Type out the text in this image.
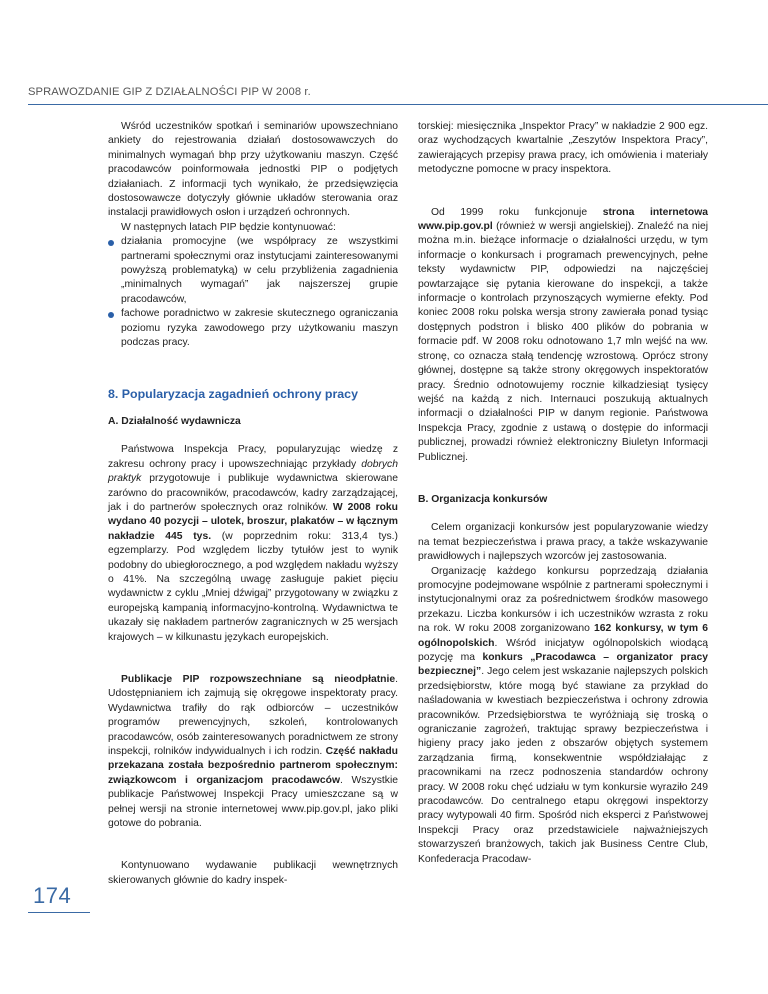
SPRAWOZDANIE GIP Z DZIAŁALNOŚCI PIP W 2008 r.

Wśród uczestników spotkań i seminariów upowszechniano ankiety do rejestrowania działań dostosowawczych do minimalnych wymagań bhp przy użytkowaniu maszyn. Część pracodawców poinformowała jednostki PIP o podjętych działaniach. Z informacji tych wynikało, że przedsięwzięcia dostosowawcze dotyczyły głównie układów sterowania oraz instalacji prawidłowych osłon i urządzeń ochronnych.

W następnych latach PIP będzie kontynuować:

działania promocyjne (we współpracy ze wszystkimi partnerami społecznymi oraz instytucjami zainteresowanymi powyższą problematyką) w celu przybliżenia zagadnienia „minimalnych wymagań” jak najszerszej grupie pracodawców,
fachowe poradnictwo w zakresie skutecznego ograniczania poziomu ryzyka zawodowego przy użytkowaniu maszyn podczas pracy.
8. Popularyzacja zagadnień ochrony pracy
A. Działalność wydawnicza

Państwowa Inspekcja Pracy, popularyzując wiedzę z zakresu ochrony pracy i upowszechniając przykłady dobrych praktyk przygotowuje i publikuje wydawnictwa skierowane zarówno do pracowników, pracodawców, kadry zarządzającej, jak i do partnerów społecznych oraz rolników. W 2008 roku wydano 40 pozycji – ulotek, broszur, plakatów – w łącznym nakładzie 445 tys. (w poprzednim roku: 313,4 tys.) egzemplarzy. Pod względem liczby tytułów jest to wynik podobny do ubiegłorocznego, a pod względem nakładu wyższy o 41%. Na szczególną uwagę zasługuje pakiet pięciu wydawnictw z cyklu „Mniej dźwigaj” przygotowany w związku z europejską kampanią informacyjno-kontrolną. Wydawnictwa te ukazały się nakładem partnerów zagranicznych w 25 wersjach krajowych – w kilkunastu językach europejskich.

Publikacje PIP rozpowszechniane są nieodpłatnie. Udostępnianiem ich zajmują się okręgowe inspektoraty pracy. Wydawnictwa trafiły do rąk odbiorców – uczestników programów prewencyjnych, szkoleń, kontrolowanych pracodawców, osób zainteresowanych poradnictwem ze strony inspekcji, rolników indywidualnych i ich rodzin. Część nakładu przekazana została bezpośrednio partnerom społecznym: związkowcom i organizacjom pracodawców. Wszystkie publikacje Państwowej Inspekcji Pracy umieszczane są w pełnej wersji na stronie internetowej www.pip.gov.pl, jako pliki gotowe do pobrania.

Kontynuowano wydawanie publikacji wewnętrznych skierowanych głównie do kadry inspek-

torskiej: miesięcznika „Inspektor Pracy” w nakładzie 2 900 egz. oraz wychodzących kwartalnie „Zeszytów Inspektora Pracy”, zawierających przepisy prawa pracy, ich omówienia i materiały metodyczne pomocne w pracy inspektora.

Od 1999 roku funkcjonuje strona internetowa www.pip.gov.pl (również w wersji angielskiej). Znaleźć na niej można m.in. bieżące informacje o działalności urzędu, w tym informacje o konkursach i programach prewencyjnych, pełne teksty wydawnictw PIP, odpowiedzi na najczęściej powtarzające się pytania kierowane do inspekcji, a także informacje o kontrolach przynoszących wymierne efekty. Pod koniec 2008 roku polska wersja strony zawierała ponad tysiąc dostępnych podstron i blisko 400 plików do pobrania w formacie pdf. W 2008 roku odnotowano 1,7 mln wejść na ww. stronę, co oznacza stałą tendencję wzrostową. Oprócz strony głównej, dostępne są także strony okręgowych inspektoratów pracy. Średnio odnotowujemy rocznie kilkadziesiąt tysięcy wejść na każdą z nich. Internauci poszukują aktualnych informacji o działalności PIP w danym regionie. Państwowa Inspekcja Pracy, zgodnie z ustawą o dostępie do informacji publicznej, prowadzi również elektroniczny Biuletyn Informacji Publicznej.

B. Organizacja konkursów

Celem organizacji konkursów jest popularyzowanie wiedzy na temat bezpieczeństwa i prawa pracy, a także wskazywanie prawidłowych i najlepszych wzorców jej zastosowania.

Organizację każdego konkursu poprzedzają działania promocyjne podejmowane wspólnie z partnerami społecznymi i instytucjonalnymi oraz za pośrednictwem środków masowego przekazu. Liczba konkursów i ich uczestników wzrasta z roku na rok. W roku 2008 zorganizowano 162 konkursy, w tym 6 ogólnopolskich. Wśród inicjatyw ogólnopolskich wiodącą pozycję ma konkurs „Pracodawca – organizator pracy bezpiecznej”. Jego celem jest wskazanie najlepszych polskich przedsiębiorstw, które mogą być stawiane za przykład do naśladowania w kwestiach bezpieczeństwa i ochrony zdrowia pracowników. Przedsiębiorstwa te wyróżniają się troską o ograniczanie zagrożeń, traktując sprawy bezpieczeństwa i higieny pracy jako jeden z obszarów objętych systemem zarządzania firmą, konsekwentnie współdziałając z pracownikami na rzecz podnoszenia standardów ochrony pracy. W 2008 roku chęć udziału w tym konkursie wyraziło 249 pracodawców. Do centralnego etapu okręgowi inspektorzy pracy wytypowali 40 firm. Spośród nich eksperci z Państwowej Inspekcji Pracy oraz przedstawiciele najważniejszych stowarzyszeń branżowych, takich jak Business Centre Club, Konfederacja Pracodaw-

174
